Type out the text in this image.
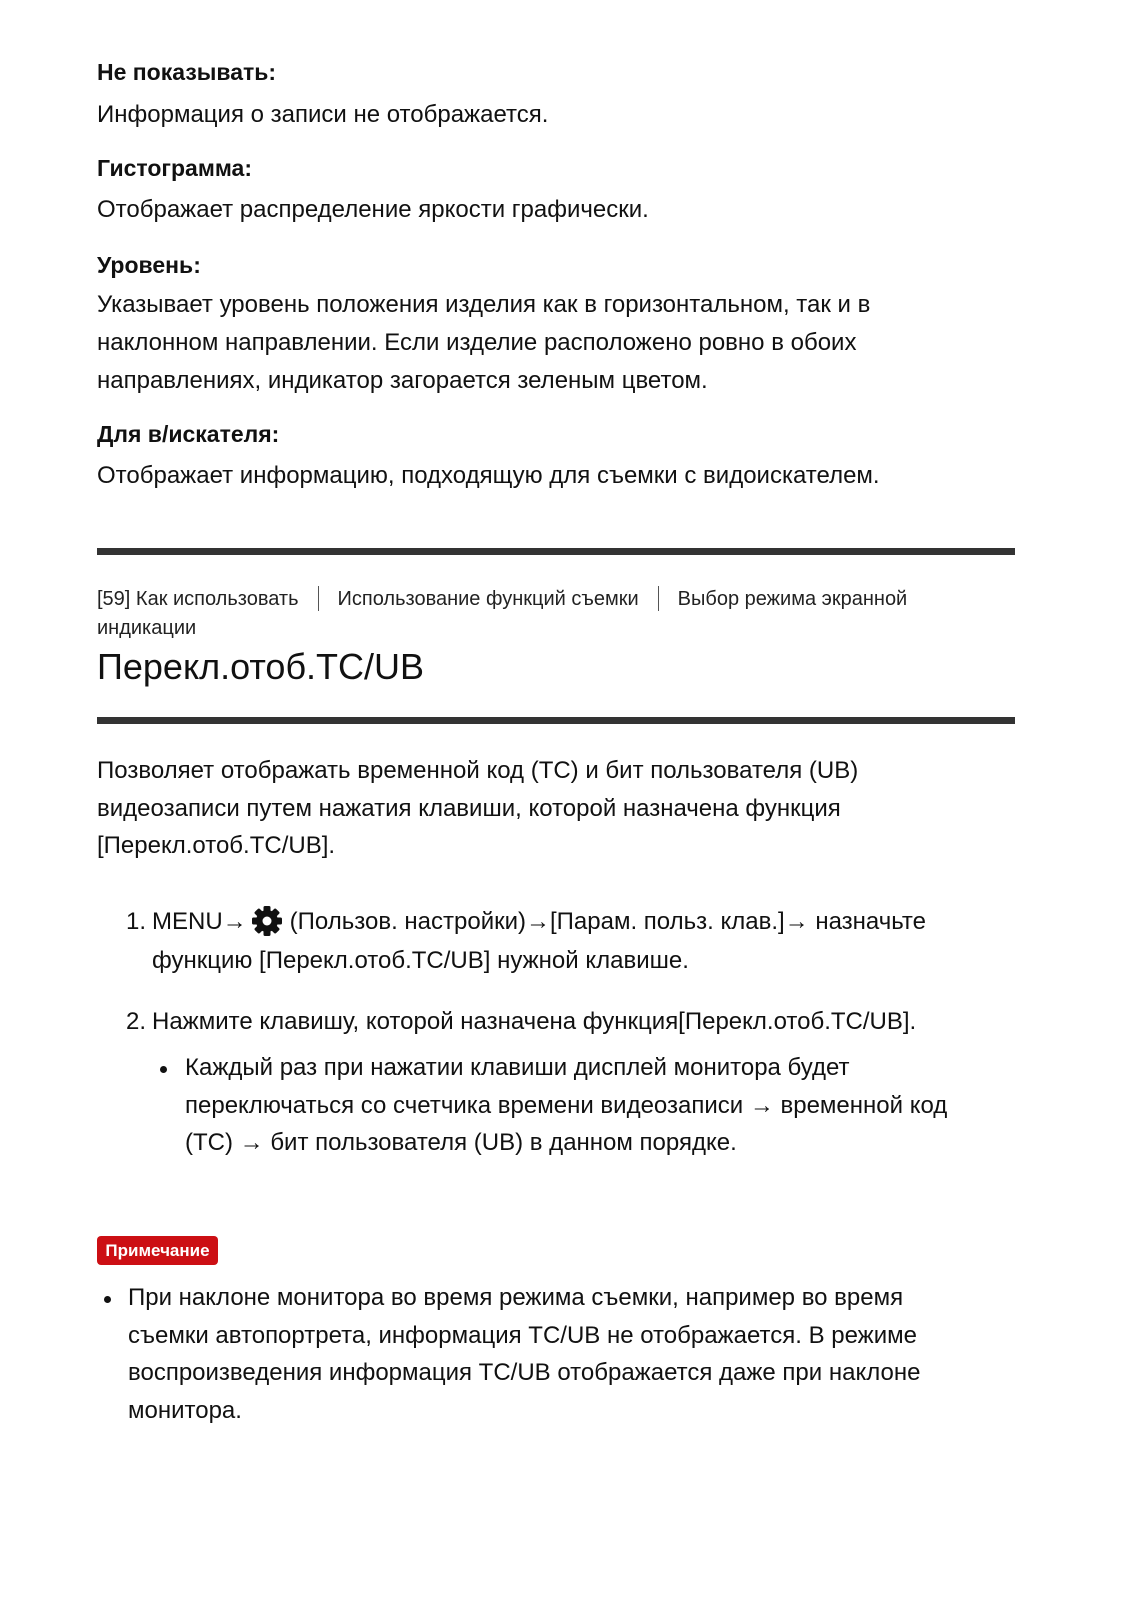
Не показывать:
Информация о записи не отображается.
Гистограмма:
Отображает распределение яркости графически.
Уровень:
Указывает уровень положения изделия как в горизонтальном, так и в
наклонном направлении. Если изделие расположено ровно в обоих
направлениях, индикатор загорается зеленым цветом.
Для в/искателя:
Отображает информацию, подходящую для съемки с видоискателем.
[59] Как использовать Использование функций съемки Выбор режима экранной индикации
Перекл.отоб.TC/UB
Позволяет отображать временной код (TC) и бит пользователя (UB)
видеозаписи путем нажатия клавиши, которой назначена функция
[Перекл.отоб.TC/UB].
1. MENU→ (Пользов. настройки)→[Парам. польз. клав.]→ назначьте
функцию [Перекл.отоб.TC/UB] нужной клавише.
2. Нажмите клавишу, которой назначена функция[Перекл.отоб.TC/UB].
Каждый раз при нажатии клавиши дисплей монитора будет
переключаться со счетчика времени видеозаписи → временной код
(TC) → бит пользователя (UB) в данном порядке.
Примечание
При наклоне монитора во время режима съемки, например во время
съемки автопортрета, информация TC/UB не отображается. В режиме
воспроизведения информация TC/UB отображается даже при наклоне
монитора.
